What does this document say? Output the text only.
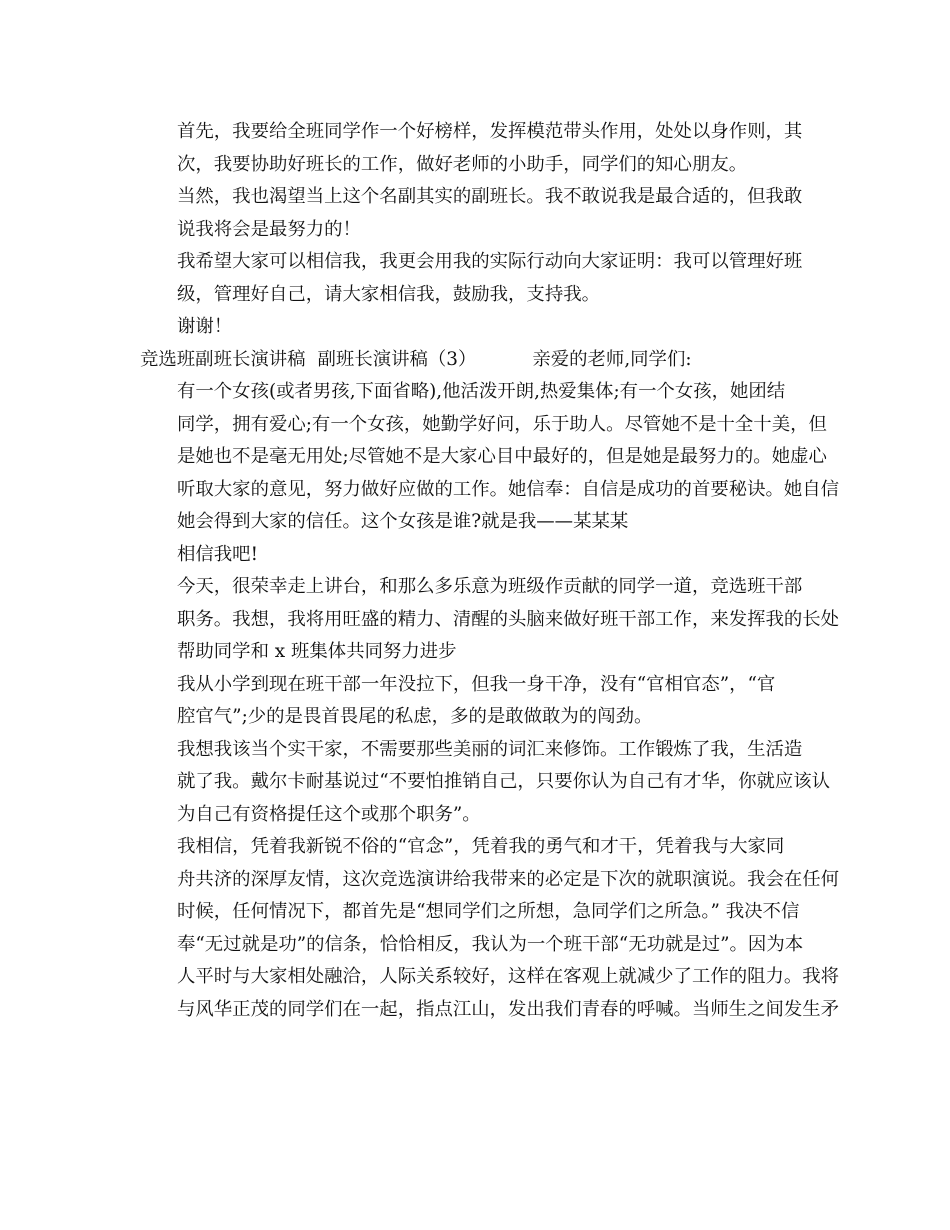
首先，我要给全班同学作一个好榜样，发挥模范带头作用，处处以身作则，其
次，我要协助好班长的工作，做好老师的小助手，同学们的知心朋友。
当然，我也渴望当上这个名副其实的副班长。我不敢说我是最合适的，但我敢
说我将会是最努力的！
我希望大家可以相信我，我更会用我的实际行动向大家证明：我可以管理好班
级，管理好自己，请大家相信我，鼓励我，支持我。
谢谢！
竞选班副班长演讲稿 副班长演讲稿（3）	亲爱的老师,同学们:
有一个女孩(或者男孩,下面省略),他活泼开朗,热爱集体;有一个女孩，她团结
同学，拥有爱心;有一个女孩，她勤学好问，乐于助人。尽管她不是十全十美，但
是她也不是毫无用处;尽管她不是大家心目中最好的，但是她是最努力的。她虚心
听取大家的意见，努力做好应做的工作。她信奉：自信是成功的首要秘诀。她自信
她会得到大家的信任。这个女孩是谁?就是我——某某某
相信我吧!
今天，很荣幸走上讲台，和那么多乐意为班级作贡献的同学一道，竞选班干部
职务。我想，我将用旺盛的精力、清醒的头脑来做好班干部工作，来发挥我的长处
帮助同学和 x 班集体共同努力进步
我从小学到现在班干部一年没拉下，但我一身干净，没有“官相官态”，“官
腔官气”;少的是畏首畏尾的私虑，多的是敢做敢为的闯劲。
我想我该当个实干家，不需要那些美丽的词汇来修饰。工作锻炼了我，生活造
就了我。戴尔卡耐基说过“不要怕推销自己，只要你认为自己有才华，你就应该认
为自己有资格提任这个或那个职务”。
我相信，凭着我新锐不俗的“官念”，凭着我的勇气和才干，凭着我与大家同
舟共济的深厚友情，这次竞选演讲给我带来的必定是下次的就职演说。我会在任何
时候，任何情况下，都首先是“想同学们之所想，急同学们之所急。” 我决不信
奉“无过就是功”的信条，恰恰相反，我认为一个班干部“无功就是过”。因为本
人平时与大家相处融洽，人际关系较好，这样在客观上就减少了工作的阻力。我将
与风华正茂的同学们在一起，指点江山，发出我们青春的呼喊。当师生之间发生矛
